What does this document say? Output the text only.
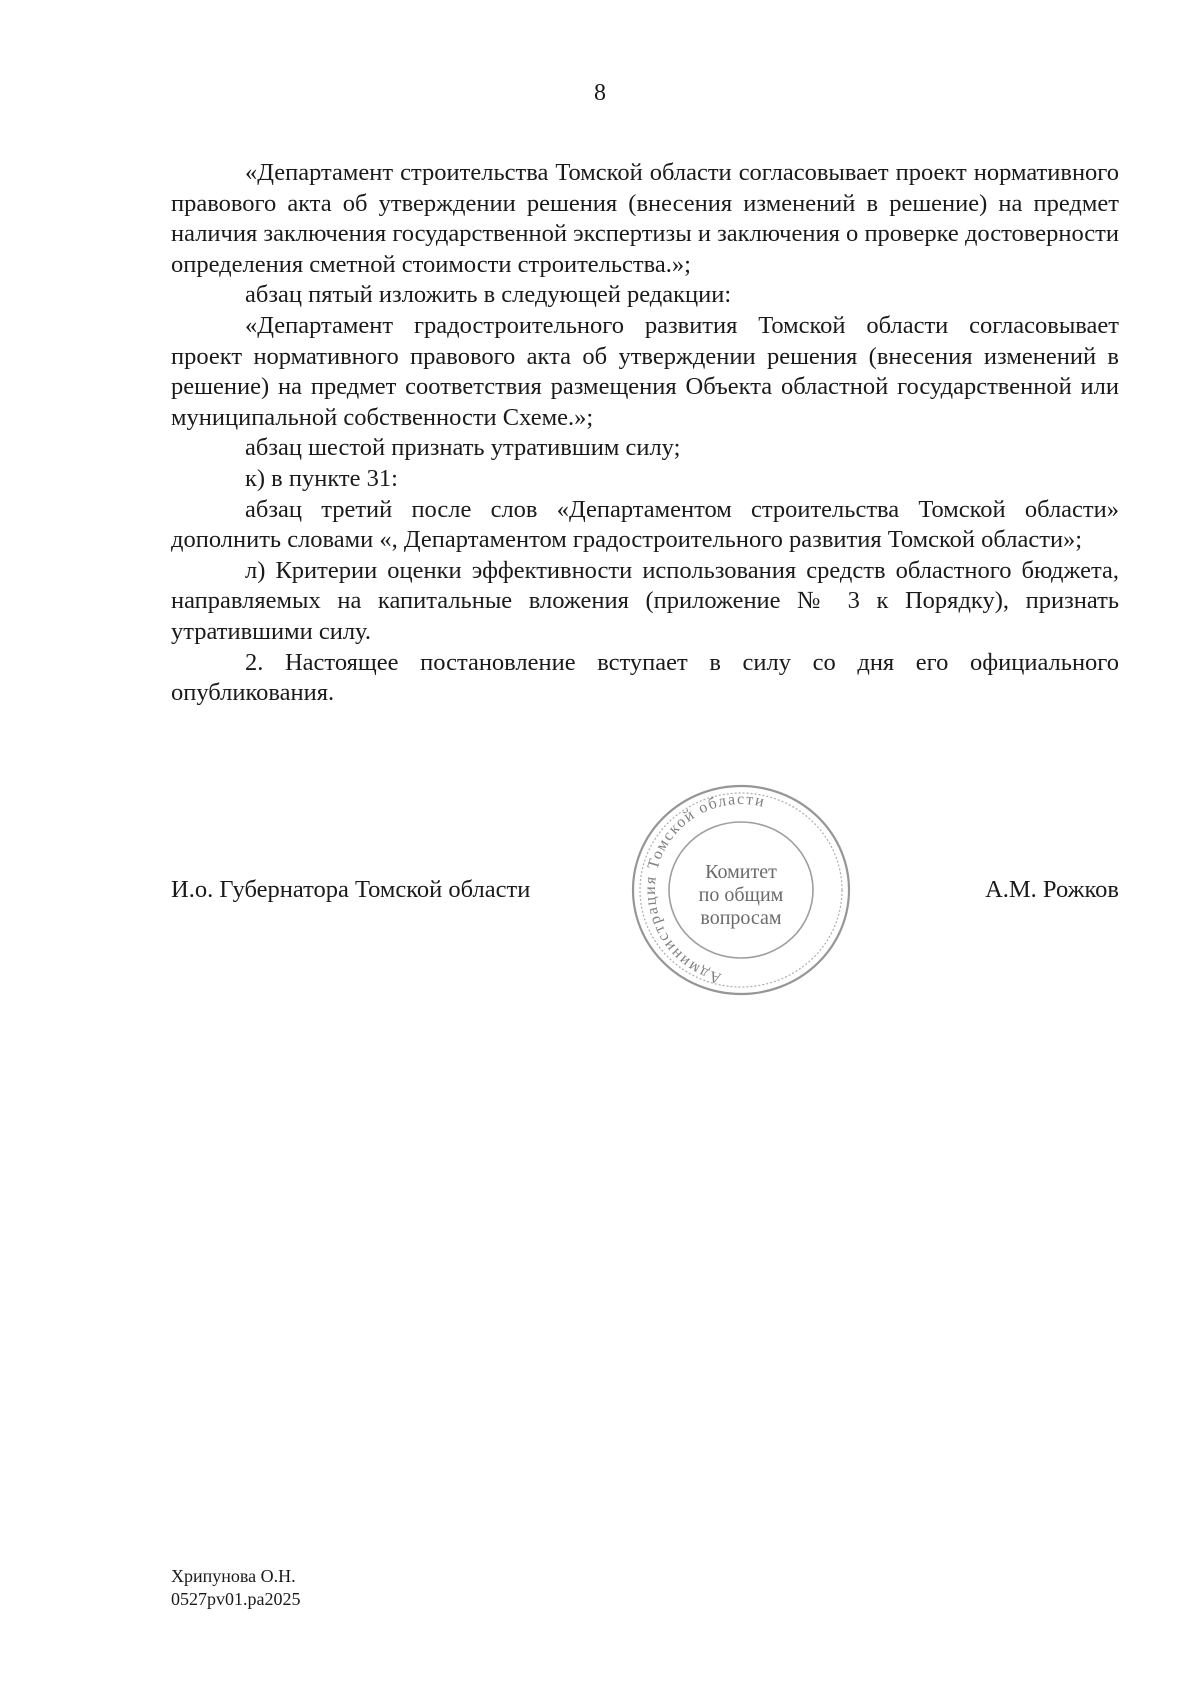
8

«Департамент строительства Томской области согласовывает проект нормативного правового акта об утверждении решения (внесения изменений в решение) на предмет наличия заключения государственной экспертизы и заключения о проверке достоверности определения сметной стоимости строительства.»;

абзац пятый изложить в следующей редакции:

«Департамент градостроительного развития Томской области согласовывает проект нормативного правового акта об утверждении решения (внесения изменений в решение) на предмет соответствия размещения Объекта областной государственной или муниципальной собственности Схеме.»;

абзац шестой признать утратившим силу;

к) в пункте 31:

абзац третий после слов «Департаментом строительства Томской области» дополнить словами «, Департаментом градостроительного развития Томской области»;

л) Критерии оценки эффективности использования средств областного бюджета, направляемых на капитальные вложения (приложение № 3 к Порядку), признать утратившими силу.

2. Настоящее постановление вступает в силу со дня его официального опубликования.

И.о. Губернатора Томской области	А.М. Рожков
Администрация Томской области
Комитет
по общим
вопросам
Хрипунова О.Н.
0527pv01.pa2025
